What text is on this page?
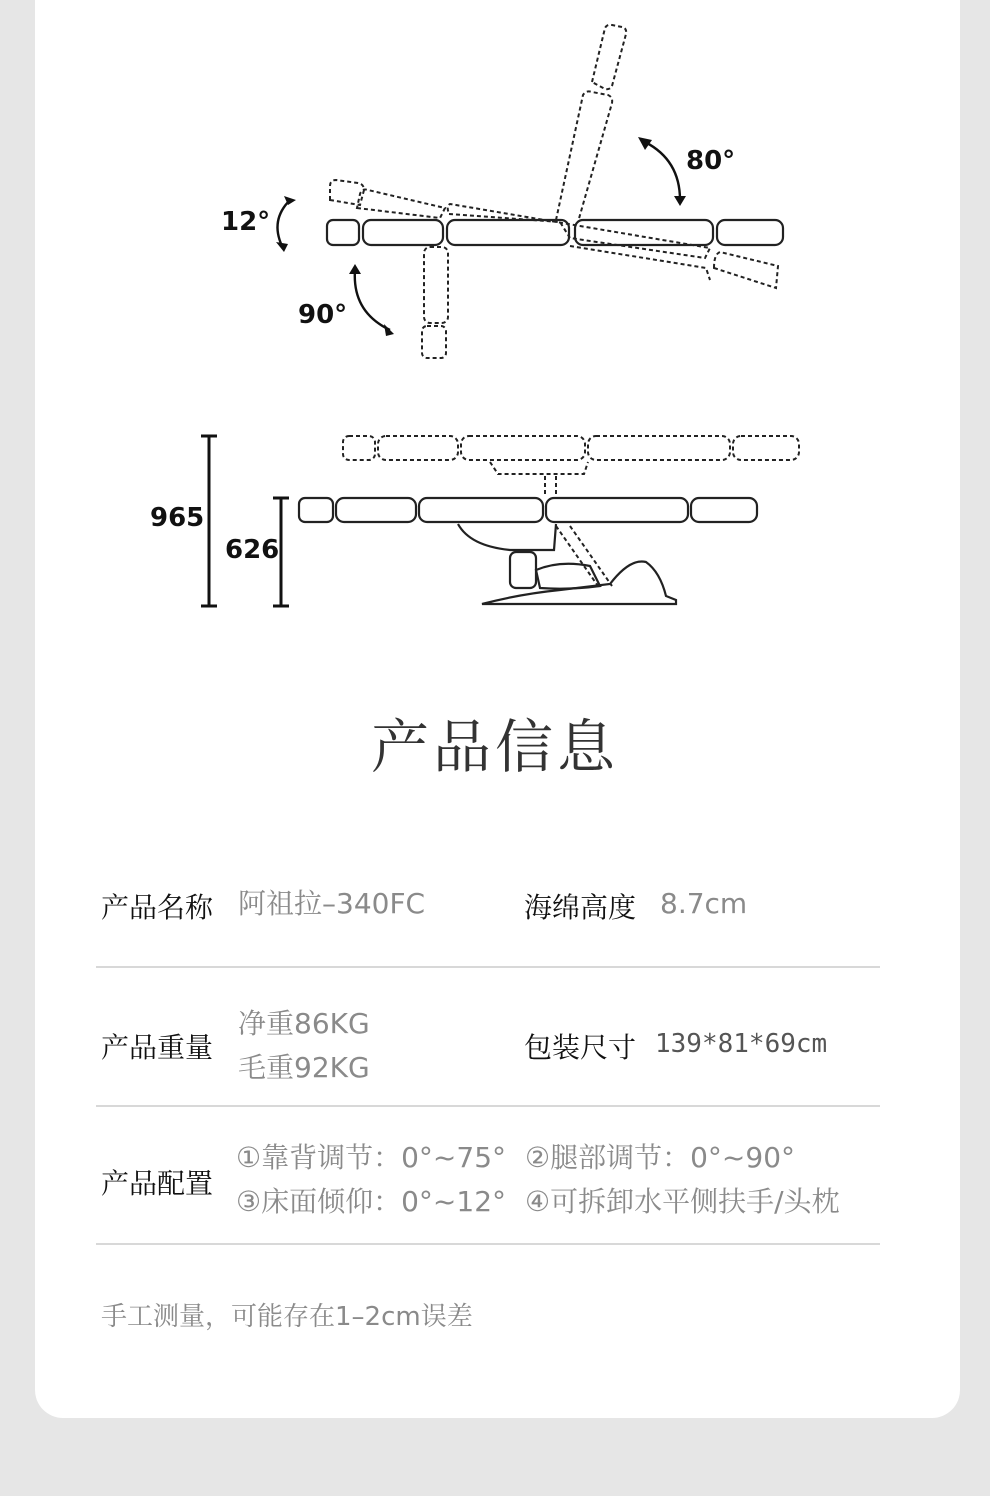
80°
12°
90°
965
626
产品信息
产品名称 阿祖拉–340FC	海绵高度 8.7cm
产品重量
净重86KG
毛重92KG
包装尺寸 139*81*69cm
产品配置
①靠背调节：0°~75° ②腿部调节：0°~90°
③床面倾仰：0°~12° ④可拆卸水平侧扶手/头枕
手工测量，可能存在1–2cm误差
